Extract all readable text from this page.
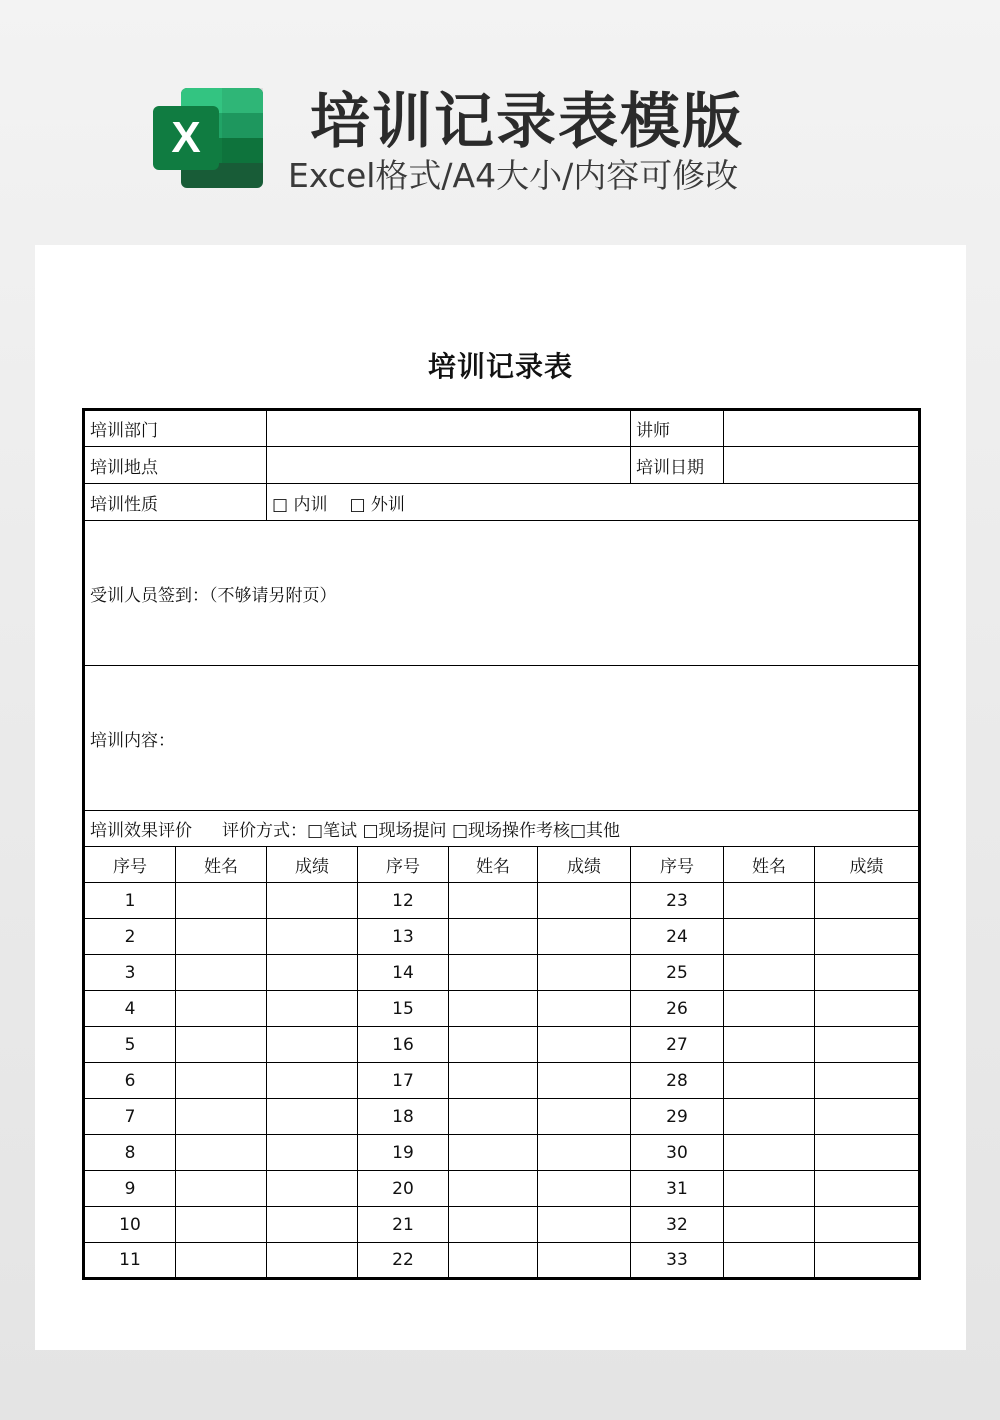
X 培训记录表模版
Excel格式/A4大小/内容可修改
培训记录表
培训部门						讲师		
培训地点						培训日期		
培训性质		□ 内训 □ 外训						
受训人员签到：（不够请另附页）								
培训内容：								
培训效果评价 评价方式：□笔试 □现场提问 □现场操作考核□其他								
序号	姓名	成绩	序号	姓名	成绩	序号	姓名	成绩
1			12			23		
2			13			24		
3			14			25		
4			15			26		
5			16			27		
6			17			28		
7			18			29		
8			19			30		
9			20			31		
10			21			32		
11			22			33		
